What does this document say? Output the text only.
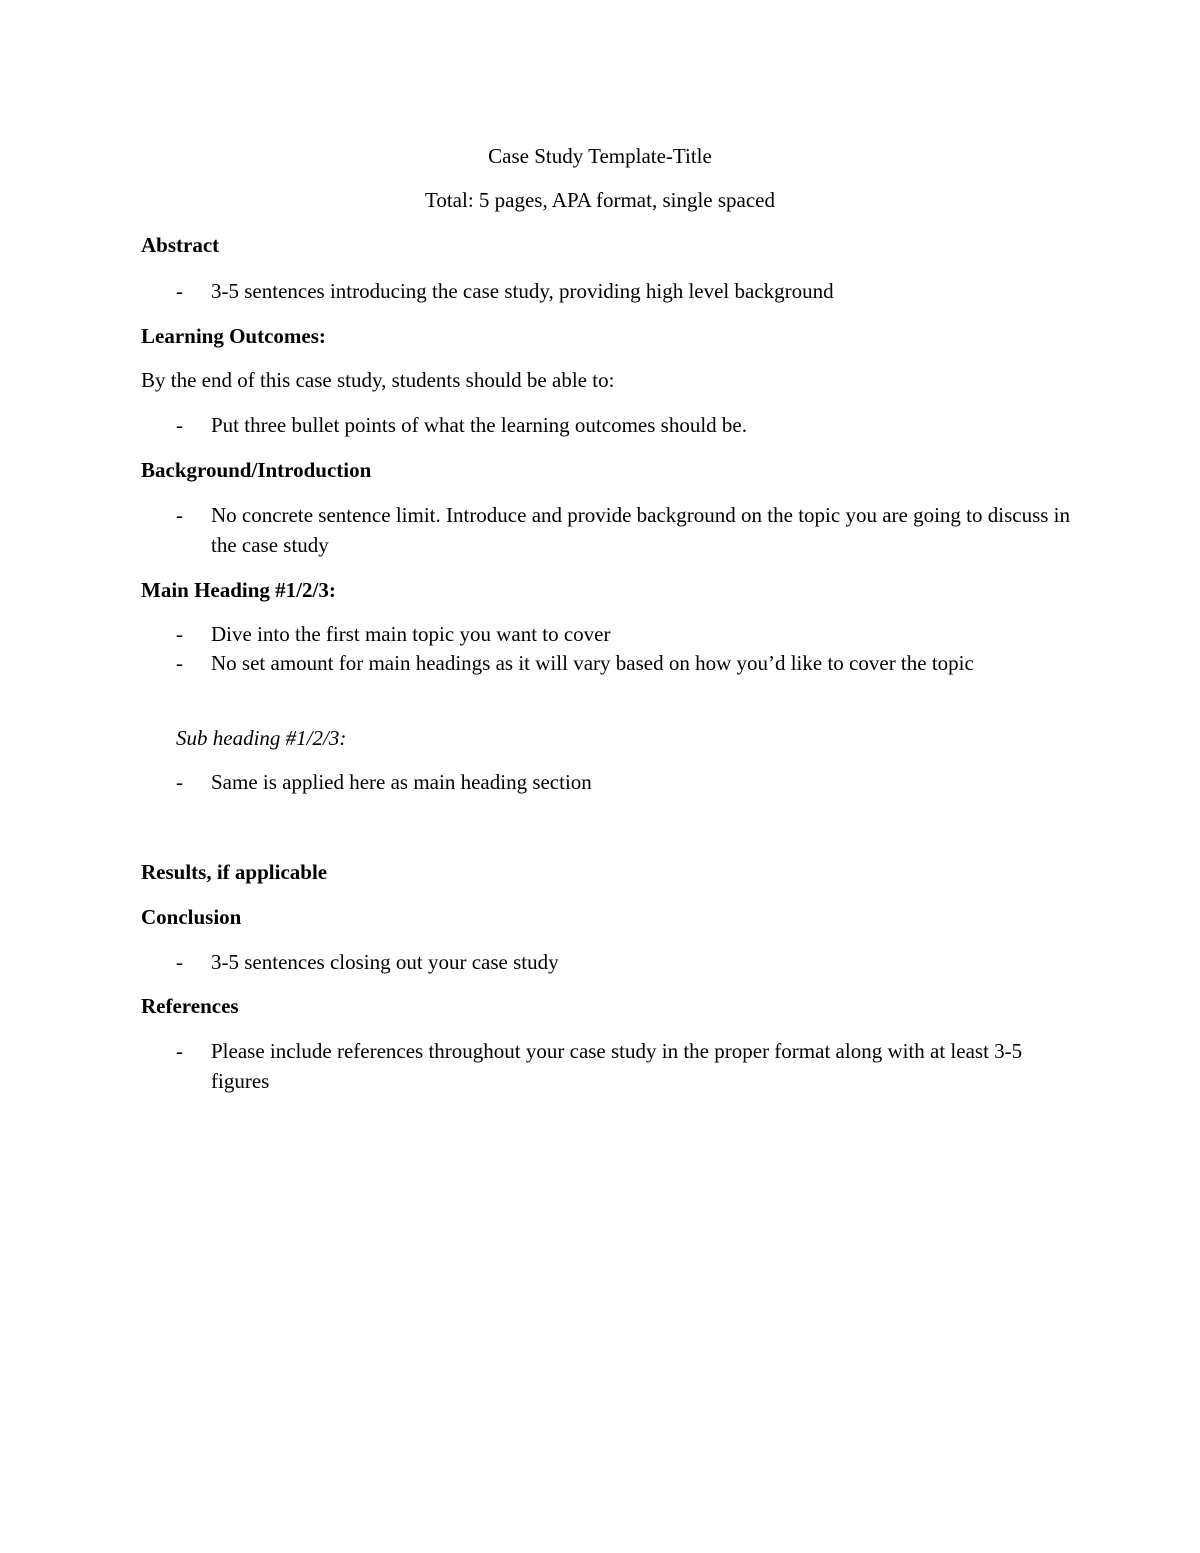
Case Study Template-Title
Total: 5 pages, APA format, single spaced
Abstract
- 3-5 sentences introducing the case study, providing high level background
Learning Outcomes:
By the end of this case study, students should be able to:
- Put three bullet points of what the learning outcomes should be.
Background/Introduction
- No concrete sentence limit. Introduce and provide background on the topic you are going to discuss in the case study
Main Heading #1/2/3:
- Dive into the first main topic you want to cover
- No set amount for main headings as it will vary based on how you’d like to cover the topic
Sub heading #1/2/3:
- Same is applied here as main heading section
Results, if applicable
Conclusion
- 3-5 sentences closing out your case study
References
- Please include references throughout your case study in the proper format along with at least 3-5 figures
